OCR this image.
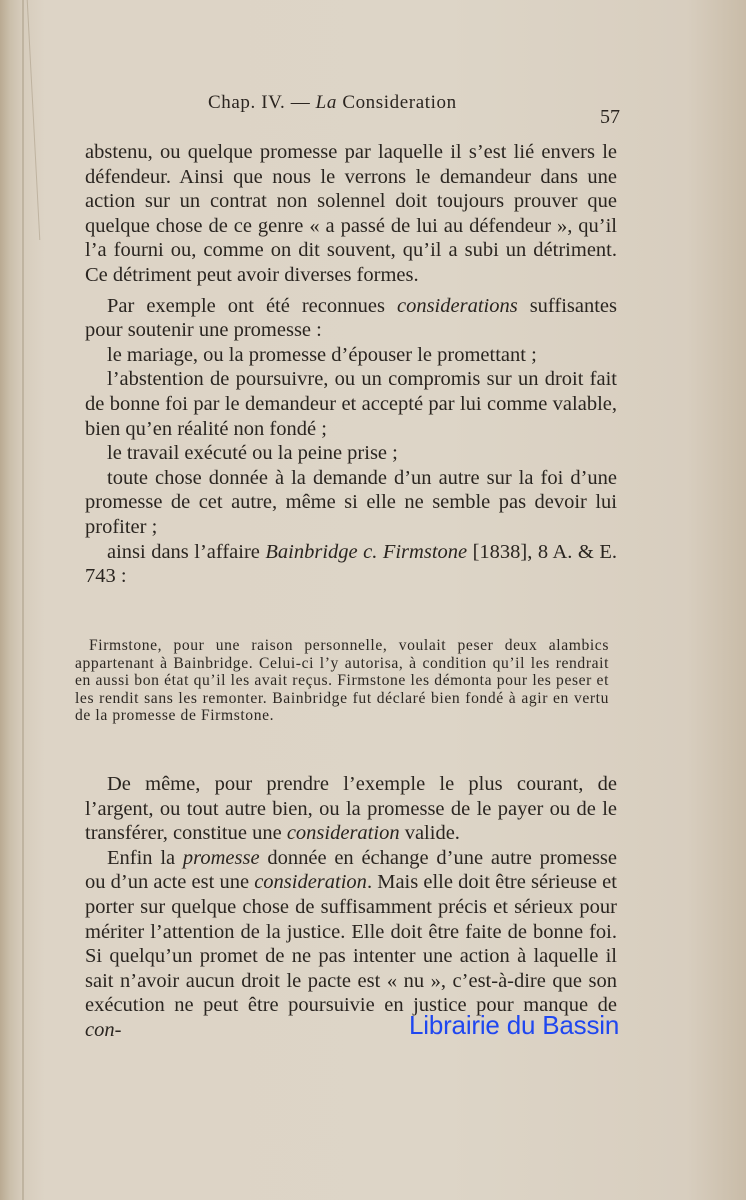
Chap. IV. — La Consideration
57

abstenu, ou quelque promesse par laquelle il s’est lié envers le défendeur. Ainsi que nous le verrons le demandeur dans une action sur un contrat non solennel doit toujours prouver que quelque chose de ce genre « a passé de lui au défendeur », qu’il l’a fourni ou, comme on dit souvent, qu’il a subi un détriment. Ce détriment peut avoir diverses formes.

Par exemple ont été reconnues considerations suffisantes pour soutenir une promesse :

le mariage, ou la promesse d’épouser le promettant ;

l’abstention de poursuivre, ou un compromis sur un droit fait de bonne foi par le demandeur et accepté par lui comme valable, bien qu’en réalité non fondé ;

le travail exécuté ou la peine prise ;

toute chose donnée à la demande d’un autre sur la foi d’une promesse de cet autre, même si elle ne semble pas devoir lui profiter ;

ainsi dans l’affaire Bainbridge c. Firmstone [1838], 8 A. & E. 743 :

Firmstone, pour une raison personnelle, voulait peser deux alambics appartenant à Bainbridge. Celui-ci l’y autorisa, à condition qu’il les rendrait en aussi bon état qu’il les avait reçus. Firmstone les démonta pour les peser et les rendit sans les remonter. Bainbridge fut déclaré bien fondé à agir en vertu de la promesse de Firmstone.

De même, pour prendre l’exemple le plus courant, de l’argent, ou tout autre bien, ou la promesse de le payer ou de le transférer, constitue une consideration valide.

Enfin la promesse donnée en échange d’une autre promesse ou d’un acte est une consideration. Mais elle doit être sérieuse et porter sur quelque chose de suffisamment précis et sérieux pour mériter l’attention de la justice. Elle doit être faite de bonne foi. Si quelqu’un promet de ne pas intenter une action à laquelle il sait n’avoir aucun droit le pacte est « nu », c’est-à-dire que son exécution ne peut être poursuivie en justice pour manque de con-	Librairie du Bassin
